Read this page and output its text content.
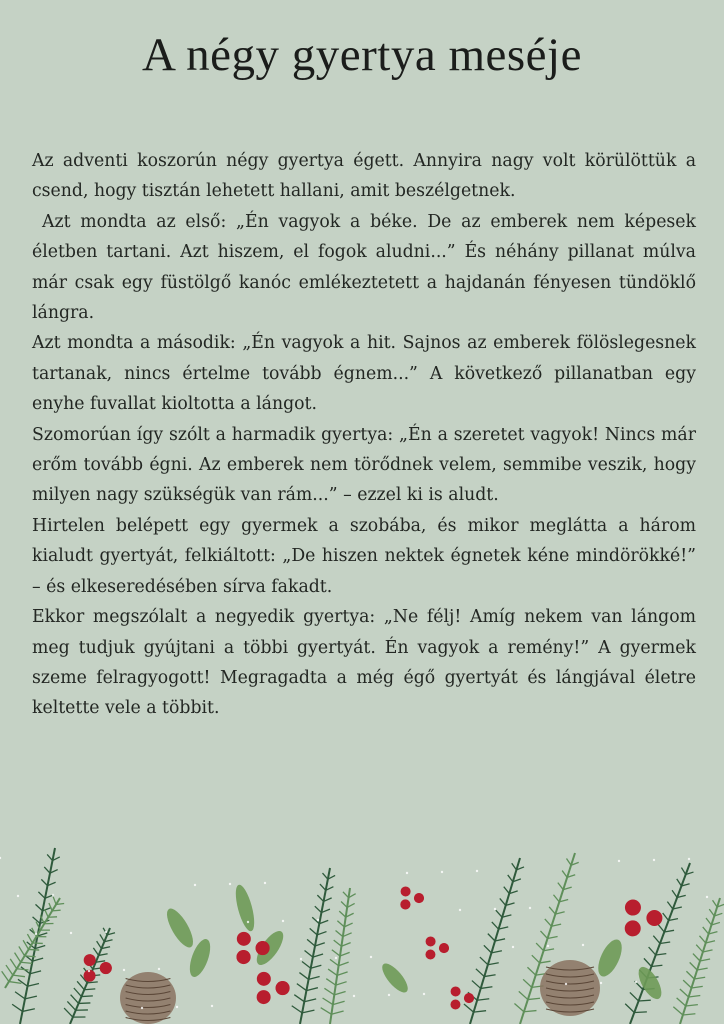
A négy gyertya meséje

Az adventi koszorún négy gyertya égett. Annyira nagy volt körülöttük a csend, hogy tisztán lehetett hallani, amit beszélgetnek.

Azt mondta az első: „Én vagyok a béke. De az emberek nem képesek életben tartani. Azt hiszem, el fogok aludni...” És néhány pillanat múlva már csak egy füstölgő kanóc emlékeztetett a hajdanán fényesen tündöklő lángra.

Azt mondta a második: „Én vagyok a hit. Sajnos az emberek fölöslegesnek tartanak, nincs értelme tovább égnem...” A következő pillanatban egy enyhe fuvallat kioltotta a lángot.

Szomorúan így szólt a harmadik gyertya: „Én a szeretet vagyok! Nincs már erőm tovább égni. Az emberek nem törődnek velem, semmibe veszik, hogy milyen nagy szükségük van rám...” – ezzel ki is aludt.

Hirtelen belépett egy gyermek a szobába, és mikor meglátta a három kialudt gyertyát, felkiáltott: „De hiszen nektek égnetek kéne mindörökké!” – és elkeseredésében sírva fakadt.

Ekkor megszólalt a negyedik gyertya: „Ne félj! Amíg nekem van lángom meg tudjuk gyújtani a többi gyertyát. Én vagyok a remény!” A gyermek szeme felragyogott! Megragadta a még égő gyertyát és lángjával életre keltette vele a többit.
